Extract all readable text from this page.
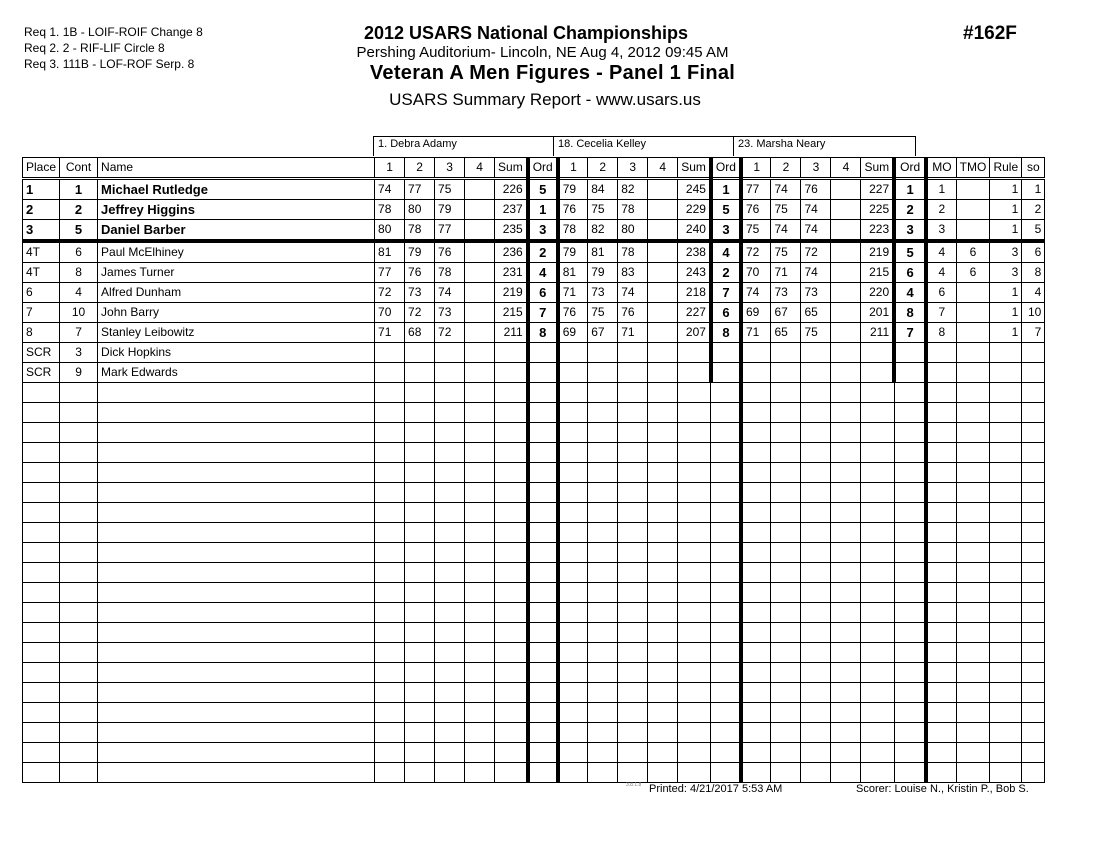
Req 1. 1B - LOIF-ROIF Change 8
Req 2. 2 - RIF-LIF Circle 8
Req 3. 111B - LOF-ROF Serp. 8
2012 USARS National Championships
Pershing Auditorium- Lincoln, NE Aug 4, 2012 09:45 AM
Veteran A Men Figures - Panel 1 Final
USARS Summary Report - www.usars.us
#162F
1. Debra Adamy	18. Cecelia Kelley	23. Marsha Neary
Place	Cont	Name	1	2	3	4	Sum	Ord	1	2	3	4	Sum	Ord	1	2	3	4	Sum	Ord	MO	TMO	Rule	so
1	1	Michael Rutledge	74	77	75		226	5	79	84	82		245	1	77	74	76		227	1	1		1	1
2	2	Jeffrey Higgins	78	80	79		237	1	76	75	78		229	5	76	75	74		225	2	2		1	2
3	5	Daniel Barber	80	78	77		235	3	78	82	80		240	3	75	74	74		223	3	3		1	5
4T	6	Paul McElhiney	81	79	76		236	2	79	81	78		238	4	72	75	72		219	5	4	6	3	6
4T	8	James Turner	77	76	78		231	4	81	79	83		243	2	70	71	74		215	6	4	6	3	8
6	4	Alfred Dunham	72	73	74		219	6	71	73	74		218	7	74	73	73		220	4	6		1	4
7	10	John Barry	70	72	73		215	7	76	75	76		227	6	69	67	65		201	8	7		1	10
8	7	Stanley Leibowitz	71	68	72		211	8	69	67	71		207	8	71	65	75		211	7	8		1	7
SCR	3	Dick Hopkins																						
SCR	9	Mark Edwards																						

3.8.1.8 Printed: 4/21/2017 5:53 AM	Scorer: Louise N., Kristin P., Bob S.
